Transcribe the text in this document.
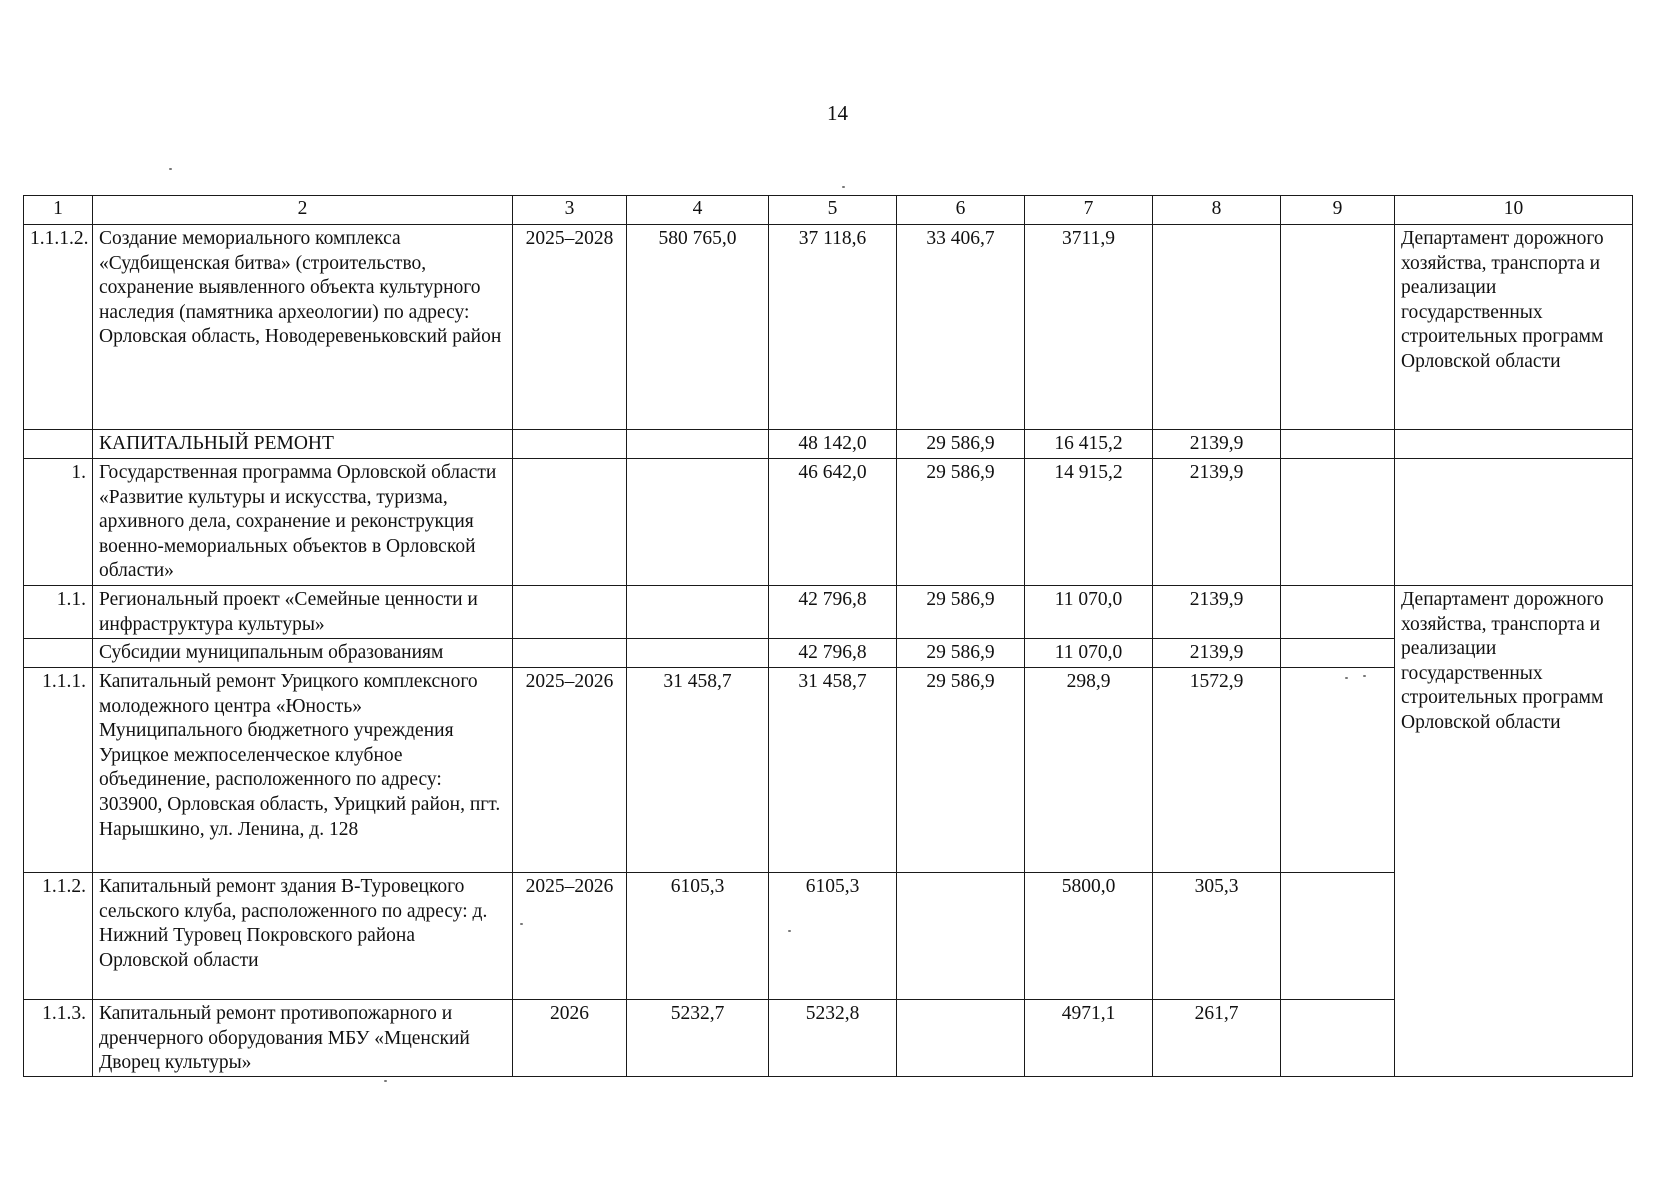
14
1	2	3	4	5	6	7	8	9	10
1.1.1.2.	Создание мемориального комплекса «Судбищенская битва» (строительство, сохранение выявленного объекта культурного наследия (памятника археологии) по адресу: Орловская область, Новодеревеньковский район	2025–2028	580 765,0	37 118,6	33 406,7	3711,9			Департамент дорожного хозяйства, транспорта и реализации государственных строительных программ Орловской области
	КАПИТАЛЬНЫЙ РЕМОНТ			48 142,0	29 586,9	16 415,2	2139,9		
1.	Государственная программа Орловской области «Развитие культуры и искусства, туризма, архивного дела, сохранение и реконструкция военно-мемориальных объектов в Орловской области»			46 642,0	29 586,9	14 915,2	2139,9		
1.1.	Региональный проект «Семейные ценности и инфраструктура культуры»			42 796,8	29 586,9	11 070,0	2139,9		Департамент дорожного хозяйства, транспорта и реализации государственных строительных программ Орловской области
	Субсидии муниципальным образованиям			42 796,8	29 586,9	11 070,0	2139,9		
1.1.1.	Капитальный ремонт Урицкого комплексного молодежного центра «Юность» Муниципального бюджетного учреждения Урицкое межпоселенческое клубное объединение, расположенного по адресу: 303900, Орловская область, Урицкий район, пгт. Нарышкино, ул. Ленина, д. 128	2025–2026	31 458,7	31 458,7	29 586,9	298,9	1572,9		
1.1.2.	Капитальный ремонт здания В-Туровецкого сельского клуба, расположенного по адресу: д. Нижний Туровец Покровского района Орловской области	2025–2026	6105,3	6105,3		5800,0	305,3		
1.1.3.	Капитальный ремонт противопожарного и дренчерного оборудования МБУ «Мценский Дворец культуры»	2026	5232,7	5232,8		4971,1	261,7		
